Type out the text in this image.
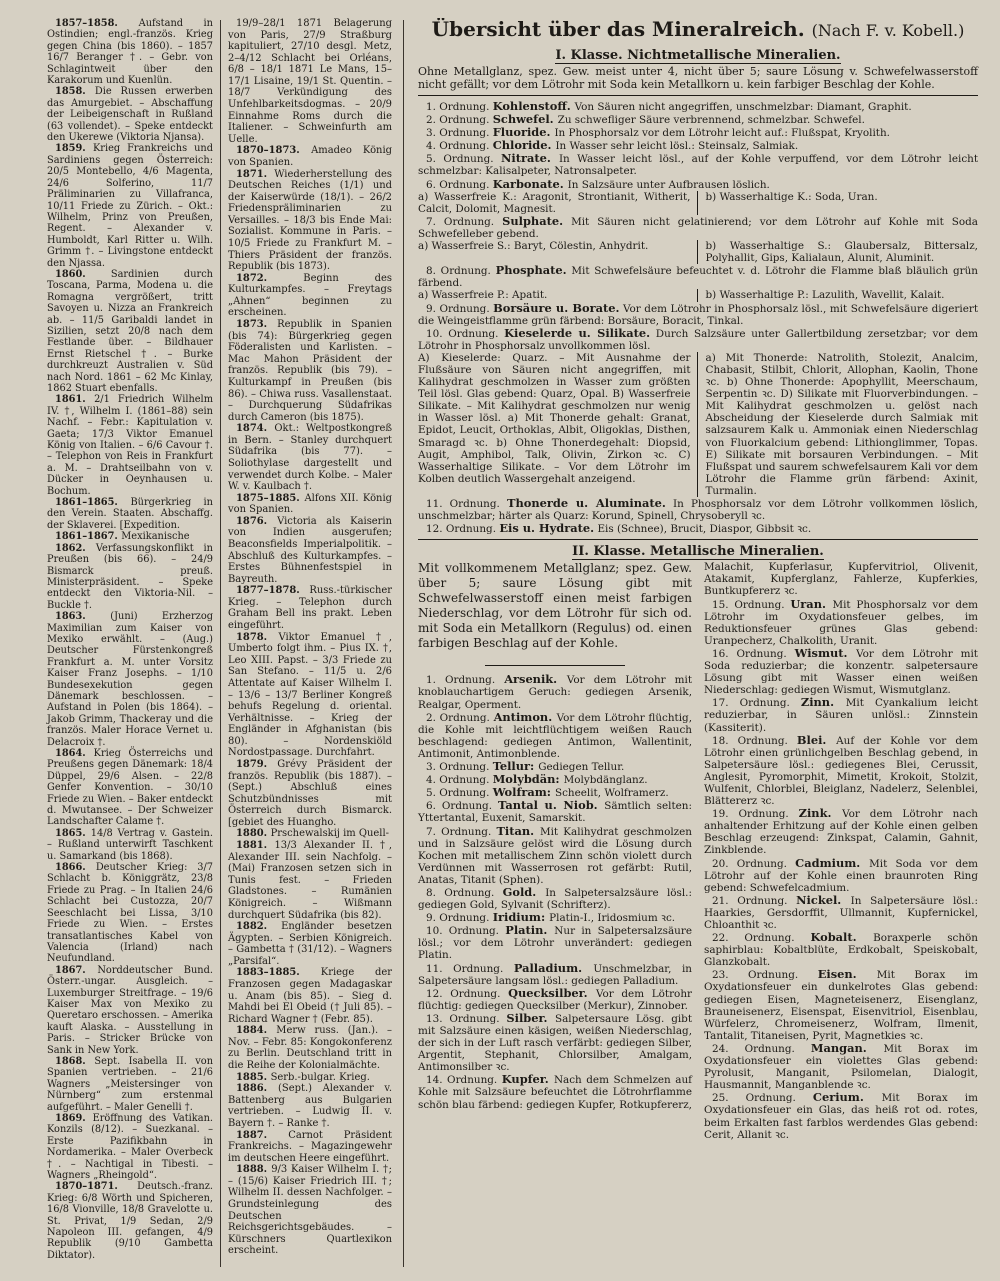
1857–1858. Aufstand in Ostindien; engl.-französ. Krieg gegen China (bis 1860). – 1857 16/7 Beranger †. – Gebr. von Schlagintweit über den Karakorum und Kuenlün.

1858. Die Russen erwerben das Amurgebiet. – Abschaffung der Leibeigenschaft in Rußland (63 vollendet). – Speke entdeckt den Ukerewe (Viktoria Njansa).

1859. Krieg Frankreichs und Sardiniens gegen Österreich: 20/5 Montebello, 4/6 Magenta, 24/6 Solferino, 11/7 Präliminarien zu Villafranca, 10/11 Friede zu Zürich. – Okt.: Wilhelm, Prinz von Preußen, Regent. – Alexander v. Humboldt, Karl Ritter u. Wilh. Grimm †. – Livingstone entdeckt den Njassa.

1860. Sardinien durch Toscana, Parma, Modena u. die Romagna vergrößert, tritt Savoyen u. Nizza an Frankreich ab. – 11/5 Garibaldi landet in Sizilien, setzt 20/8 nach dem Festlande über. – Bildhauer Ernst Rietschel †. – Burke durchkreuzt Australien v. Süd nach Nord. 1861 – 62 Mc Kinlay, 1862 Stuart ebenfalls.

1861. 2/1 Friedrich Wilhelm IV. †, Wilhelm I. (1861–88) sein Nachf. – Febr.: Kapitulation v. Gaeta; 17/3 Viktor Emanuel König von Italien. – 6/6 Cavour †. – Telephon von Reis in Frankfurt a. M. – Drahtseilbahn von v. Dücker in Oeynhausen u. Bochum.

1861–1865. Bürgerkrieg in den Verein. Staaten. Abschaffg. der Sklaverei. [Expedition.

1861–1867. Mexikanische

1862. Verfassungskonflikt in Preußen (bis 66). – 24/9 Bismarck preuß. Ministerpräsident. – Speke entdeckt den Viktoria-Nil. – Buckle †.

1863. (Juni) Erzherzog Maximilian zum Kaiser von Mexiko erwählt. – (Aug.) Deutscher Fürstenkongreß Frankfurt a. M. unter Vorsitz Kaiser Franz Josephs. – 1/10 Bundesexekution gegen Dänemark beschlossen. – Aufstand in Polen (bis 1864). – Jakob Grimm, Thackeray und die französ. Maler Horace Vernet u. Delacroix †.

1864. Krieg Österreichs und Preußens gegen Dänemark: 18/4 Düppel, 29/6 Alsen. – 22/8 Genfer Konvention. – 30/10 Friede zu Wien. – Baker entdeckt d. Mwutansee. – Der Schweizer Landschafter Calame †.

1865. 14/8 Vertrag v. Gastein. – Rußland unterwirft Taschkent u. Samarkand (bis 1868).

1866. Deutscher Krieg: 3/7 Schlacht b. Königgrätz, 23/8 Friede zu Prag. – In Italien 24/6 Schlacht bei Custozza, 20/7 Seeschlacht bei Lissa, 3/10 Friede zu Wien. – Erstes transatlantisches Kabel von Valencia (Irland) nach Neufundland.

1867. Norddeutscher Bund. Österr.-ungar. Ausgleich. – Luxemburger Streitfrage. – 19/6 Kaiser Max von Mexiko zu Queretaro erschossen. – Amerika kauft Alaska. – Ausstellung in Paris. – Stricker Brücke von Sank in New York.

1868. Sept. Isabella II. von Spanien vertrieben. – 21/6 Wagners „Meistersinger von Nürnberg“ zum erstenmal aufgeführt. – Maler Genelli †.

1869. Eröffnung des Vatikan. Konzils (8/12). – Suezkanal. – Erste Pazifikbahn in Nordamerika. – Maler Overbeck †. – Nachtigal in Tibesti. – Wagners „Rheingold“.

1870–1871. Deutsch.-franz. Krieg: 6/8 Wörth und Spicheren, 16/8 Vionville, 18/8 Gravelotte u. St. Privat, 1/9 Sedan, 2/9 Napoleon III. gefangen, 4/9 Republik (9/10 Gambetta Diktator).

19/9–28/1 1871 Belagerung von Paris, 27/9 Straßburg kapituliert, 27/10 desgl. Metz, 2–4/12 Schlacht bei Orléans, 6/8 – 18/1 1871 Le Mans, 15–17/1 Lisaine, 19/1 St. Quentin. – 18/7 Verkündigung des Unfehlbarkeitsdogmas. – 20/9 Einnahme Roms durch die Italiener. – Schweinfurth am Uelle.

1870–1873. Amadeo König von Spanien.

1871. Wiederherstellung des Deutschen Reiches (1/1) und der Kaiserwürde (18/1). – 26/2 Friedenspräliminarien zu Versailles. – 18/3 bis Ende Mai: Sozialist. Kommune in Paris. – 10/5 Friede zu Frankfurt M. – Thiers Präsident der französ. Republik (bis 1873).

1872. Beginn des Kulturkampfes. – Freytags „Ahnen“ beginnen zu erscheinen.

1873. Republik in Spanien (bis 74): Bürgerkrieg gegen Föderalisten und Karlisten. – Mac Mahon Präsident der französ. Republik (bis 79). – Kulturkampf in Preußen (bis 86). – Chiwa russ. Vasallenstaat. – Durchquerung Südafrikas durch Cameron (bis 1875).

1874. Okt.: Weltpostkongreß in Bern. – Stanley durchquert Südafrika (bis 77). – Soliothylase dargestellt und verwendet durch Kolbe. – Maler W. v. Kaulbach †.

1875–1885. Alfons XII. König von Spanien.

1876. Victoria als Kaiserin von Indien ausgerufen; Beaconsfields Imperialpolitik. – Abschluß des Kulturkampfes. – Erstes Bühnenfestspiel in Bayreuth.

1877–1878. Russ.-türkischer Krieg. – Telephon durch Graham Bell ins prakt. Leben eingeführt.

1878. Viktor Emanuel †, Umberto folgt ihm. – Pius IX. †, Leo XIII. Papst. – 3/3 Friede zu San Stefano. – 11/5 u. 2/6 Attentate auf Kaiser Wilhelm I. – 13/6 – 13/7 Berliner Kongreß behufs Regelung d. oriental. Verhältnisse. – Krieg der Engländer in Afghanistan (bis 80). – Nordenskiöld Nordostpassage. Durchfahrt.

1879. Grévy Präsident der französ. Republik (bis 1887). – (Sept.) Abschluß eines Schutzbündnisses mit Österreich durch Bismarck. [gebiet des Huangho.

1880. Prschewalskij im Quell-

1881. 13/3 Alexander II. †, Alexander III. sein Nachfolg. – (Mai) Franzosen setzen sich in Tunis fest. – Frieden Gladstones. – Rumänien Königreich. – Wißmann durchquert Südafrika (bis 82).

1882. Engländer besetzen Ägypten. – Serbien Königreich. – Gambetta † (31/12). – Wagners „Parsifal“.

1883–1885. Kriege der Franzosen gegen Madagaskar u. Anam (bis 85). – Sieg d. Mahdi bei El Obeid († Juli 85). – Richard Wagner † (Febr. 85).

1884. Merw russ. (Jan.). – Nov. – Febr. 85: Kongokonferenz zu Berlin. Deutschland tritt in die Reihe der Kolonialmächte.

1885. Serb.-bulgar. Krieg.

1886. (Sept.) Alexander v. Battenberg aus Bulgarien vertrieben. – Ludwig II. v. Bayern †. – Ranke †.

1887. Carnot Präsident Frankreichs. – Magazingewehr im deutschen Heere eingeführt.

1888. 9/3 Kaiser Wilhelm I. †; – (15/6) Kaiser Friedrich III. †; Wilhelm II. dessen Nachfolger. – Grundsteinlegung des Deutschen Reichsgerichtsgebäudes. – Kürschners Quartlexikon erscheint.

Übersicht über das Mineralreich. (Nach F. v. Kobell.)
I. Klasse. Nichtmetallische Mineralien.
Ohne Metallglanz, spez. Gew. meist unter 4, nicht über 5; saure Lösung v. Schwefelwasserstoff nicht gefällt; vor dem Lötrohr mit Soda kein Metallkorn u. kein farbiger Beschlag der Kohle.

1. Ordnung. Kohlenstoff. Von Säuren nicht angegriffen, unschmelzbar: Diamant, Graphit.

2. Ordnung. Schwefel. Zu schwefliger Säure verbrennend, schmelzbar. Schwefel.

3. Ordnung. Fluoride. In Phosphorsalz vor dem Lötrohr leicht auf.: Flußspat, Kryolith.

4. Ordnung. Chloride. In Wasser sehr leicht lösl.: Steinsalz, Salmiak.

5. Ordnung. Nitrate. In Wasser leicht lösl., auf der Kohle verpuffend, vor dem Lötrohr leicht schmelzbar: Kalisalpeter, Natronsalpeter.

6. Ordnung. Karbonate. In Salzsäure unter Aufbrausen löslich.

a) Wasserfreie K.: Aragonit, Strontianit, Witherit, Calcit, Dolomit, Magnesit.
b) Wasserhaltige K.: Soda, Uran.

7. Ordnung. Sulphate. Mit Säuren nicht gelatinierend; vor dem Lötrohr auf Kohle mit Soda Schwefelleber gebend.

a) Wasserfreie S.: Baryt, Cölestin, Anhydrit.	b) Wasserhaltige S.: Glaubersalz, Bittersalz, Polyhallit, Gips, Kalialaun, Alunit, Aluminit.

8. Ordnung. Phosphate. Mit Schwefelsäure befeuchtet v. d. Lötrohr die Flamme blaß bläulich grün färbend.

a) Wasserfreie P.: Apatit.	b) Wasserhaltige P.: Lazulith, Wavellit, Kalait.

9. Ordnung. Borsäure u. Borate. Vor dem Lötrohr in Phosphorsalz lösl., mit Schwefelsäure digeriert die Weingeistflamme grün färbend: Borsäure, Boracit, Tinkal.

10. Ordnung. Kieselerde u. Silikate. Durch Salzsäure unter Gallertbildung zersetzbar; vor dem Lötrohr in Phosphorsalz unvollkommen lösl.

A) Kieselerde: Quarz. – Mit Ausnahme der Flußsäure von Säuren nicht angegriffen, mit Kalihydrat geschmolzen in Wasser zum größten Teil lösl. Glas gebend: Quarz, Opal. B) Wasserfreie Silikate. – Mit Kalihydrat geschmolzen nur wenig in Wasser lösl. a) Mit Thonerde gehalt: Granat, Epidot, Leucit, Orthoklas, Albit, Oligoklas, Disthen, Smaragd ꝛc. b) Ohne Thonerdegehalt: Diopsid, Augit, Amphibol, Talk, Olivin, Zirkon ꝛc. C) Wasserhaltige Silikate. – Vor dem Lötrohr im Kolben deutlich Wassergehalt anzeigend.
a) Mit Thonerde: Natrolith, Stolezit, Analcim, Chabasit, Stilbit, Chlorit, Allophan, Kaolin, Thone ꝛc. b) Ohne Thonerde: Apophyllit, Meerschaum, Serpentin ꝛc. D) Silikate mit Fluorverbindungen. – Mit Kalihydrat geschmolzen u. gelöst nach Abscheidung der Kieselerde durch Salmiak mit salzsaurem Kalk u. Ammoniak einen Niederschlag von Fluorkalcium gebend: Lithionglimmer, Topas. E) Silikate mit borsauren Verbindungen. – Mit Flußspat und saurem schwefelsaurem Kali vor dem Lötrohr die Flamme grün färbend: Axinit, Turmalin.

11. Ordnung. Thonerde u. Aluminate. In Phosphorsalz vor dem Lötrohr vollkommen löslich, unschmelzbar; härter als Quarz: Korund, Spinell, Chrysoberyll ꝛc.

12. Ordnung. Eis u. Hydrate. Eis (Schnee), Brucit, Diaspor, Gibbsit ꝛc.

II. Klasse. Metallische Mineralien.
Mit vollkommenem Metallglanz; spez. Gew. über 5; saure Lösung gibt mit Schwefelwasserstoff einen meist farbigen Niederschlag, vor dem Lötrohr für sich od. mit Soda ein Metallkorn (Regulus) od. einen farbigen Beschlag auf der Kohle.

1. Ordnung. Arsenik. Vor dem Lötrohr mit knoblauchartigem Geruch: gediegen Arsenik, Realgar, Operment.

2. Ordnung. Antimon. Vor dem Lötrohr flüchtig, die Kohle mit leichtflüchtigem weißen Rauch beschlagend: gediegen Antimon, Wallentinit, Antimonit, Antimonblende.

3. Ordnung. Tellur: Gediegen Tellur.

4. Ordnung. Molybdän: Molybdänglanz.

5. Ordnung. Wolfram: Scheelit, Wolframerz.

6. Ordnung. Tantal u. Niob. Sämtlich selten: Yttertantal, Euxenit, Samarskit.

7. Ordnung. Titan. Mit Kalihydrat geschmolzen und in Salzsäure gelöst wird die Lösung durch Kochen mit metallischem Zinn schön violett durch Verdünnen mit Wasserrosen rot gefärbt: Rutil, Anatas, Titanit (Sphen).

8. Ordnung. Gold. In Salpetersalzsäure lösl.: gediegen Gold, Sylvanit (Schrifterz).

9. Ordnung. Iridium: Platin-I., Iridosmium ꝛc.

10. Ordnung. Platin. Nur in Salpetersalzsäure lösl.; vor dem Lötrohr unverändert: gediegen Platin.

11. Ordnung. Palladium. Unschmelzbar, in Salpetersäure langsam lösl.: gediegen Palladium.

12. Ordnung. Quecksilber. Vor dem Lötrohr flüchtig: gediegen Quecksilber (Merkur), Zinnober.

13. Ordnung. Silber. Salpetersaure Lösg. gibt mit Salzsäure einen käsigen, weißen Niederschlag, der sich in der Luft rasch verfärbt: gediegen Silber, Argentit, Stephanit, Chlorsilber, Amalgam, Antimonsilber ꝛc.

14. Ordnung. Kupfer. Nach dem Schmelzen auf Kohle mit Salzsäure befeuchtet die Lötrohrflamme schön blau färbend: gediegen Kupfer, Rotkupfererz,

Malachit, Kupferlasur, Kupfervitriol, Olivenit, Atakamit, Kupferglanz, Fahlerze, Kupferkies, Buntkupfererz ꝛc.

15. Ordnung. Uran. Mit Phosphorsalz vor dem Lötrohr im Oxydationsfeuer gelbes, im Reduktionsfeuer grünes Glas gebend: Uranpecherz, Chalkolith, Uranit.

16. Ordnung. Wismut. Vor dem Lötrohr mit Soda reduzierbar; die konzentr. salpetersaure Lösung gibt mit Wasser einen weißen Niederschlag: gediegen Wismut, Wismutglanz.

17. Ordnung. Zinn. Mit Cyankalium leicht reduzierbar, in Säuren unlösl.: Zinnstein (Kassiterit).

18. Ordnung. Blei. Auf der Kohle vor dem Lötrohr einen grünlichgelben Beschlag gebend, in Salpetersäure lösl.: gediegenes Blei, Cerussit, Anglesit, Pyromorphit, Mimetit, Krokoit, Stolzit, Wulfenit, Chlorblei, Bleiglanz, Nadelerz, Selenblei, Blättererz ꝛc.

19. Ordnung. Zink. Vor dem Lötrohr nach anhaltender Erhitzung auf der Kohle einen gelben Beschlag erzeugend: Zinkspat, Calamin, Gahnit, Zinkblende.

20. Ordnung. Cadmium. Mit Soda vor dem Lötrohr auf der Kohle einen braunroten Ring gebend: Schwefelcadmium.

21. Ordnung. Nickel. In Salpetersäure lösl.: Haarkies, Gersdorffit, Ullmannit, Kupfernickel, Chloanthit ꝛc.

22. Ordnung. Kobalt. Boraxperle schön saphirblau: Kobaltblüte, Erdkobalt, Speiskobalt, Glanzkobalt.

23. Ordnung. Eisen. Mit Borax im Oxydationsfeuer ein dunkelrotes Glas gebend: gediegen Eisen, Magneteisenerz, Eisenglanz, Brauneisenerz, Eisenspat, Eisenvitriol, Eisenblau, Würfelerz, Chromeisenerz, Wolfram, Ilmenit, Tantalit, Titaneisen, Pyrit, Magnetkies ꝛc.

24. Ordnung. Mangan. Mit Borax im Oxydationsfeuer ein violettes Glas gebend: Pyrolusit, Manganit, Psilomelan, Dialogit, Hausmannit, Manganblende ꝛc.

25. Ordnung. Cerium. Mit Borax im Oxydationsfeuer ein Glas, das heiß rot od. rotes, beim Erkalten fast farblos werdendes Glas gebend: Cerit, Allanit ꝛc.
